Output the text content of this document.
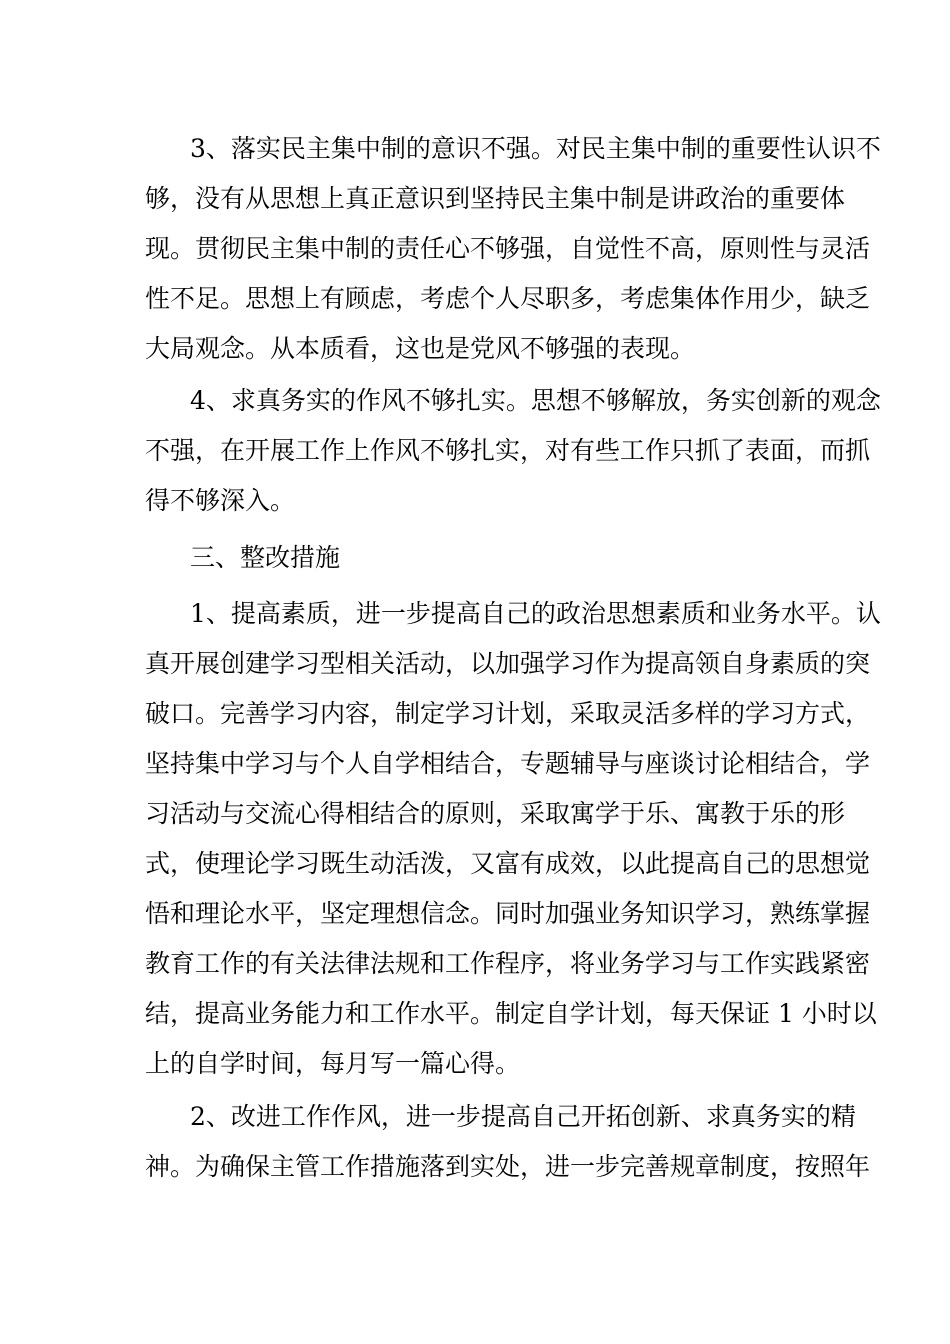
3、落实民主集中制的意识不强。对民主集中制的重要性认识不
够，没有从思想上真正意识到坚持民主集中制是讲政治的重要体
现。贯彻民主集中制的责任心不够强，自觉性不高，原则性与灵活
性不足。思想上有顾虑，考虑个人尽职多，考虑集体作用少，缺乏
大局观念。从本质看，这也是党风不够强的表现。
4、求真务实的作风不够扎实。思想不够解放，务实创新的观念
不强，在开展工作上作风不够扎实，对有些工作只抓了表面，而抓
得不够深入。
三、整改措施
1、提高素质，进一步提高自己的政治思想素质和业务水平。认
真开展创建学习型相关活动，以加强学习作为提高领自身素质的突
破口。完善学习内容，制定学习计划，采取灵活多样的学习方式，
坚持集中学习与个人自学相结合，专题辅导与座谈讨论相结合，学
习活动与交流心得相结合的原则，采取寓学于乐、寓教于乐的形
式，使理论学习既生动活泼，又富有成效，以此提高自己的思想觉
悟和理论水平，坚定理想信念。同时加强业务知识学习，熟练掌握
教育工作的有关法律法规和工作程序，将业务学习与工作实践紧密
结，提高业务能力和工作水平。制定自学计划，每天保证 1 小时以
上的自学时间，每月写一篇心得。
2、改进工作作风，进一步提高自己开拓创新、求真务实的精
神。为确保主管工作措施落到实处，进一步完善规章制度，按照年
